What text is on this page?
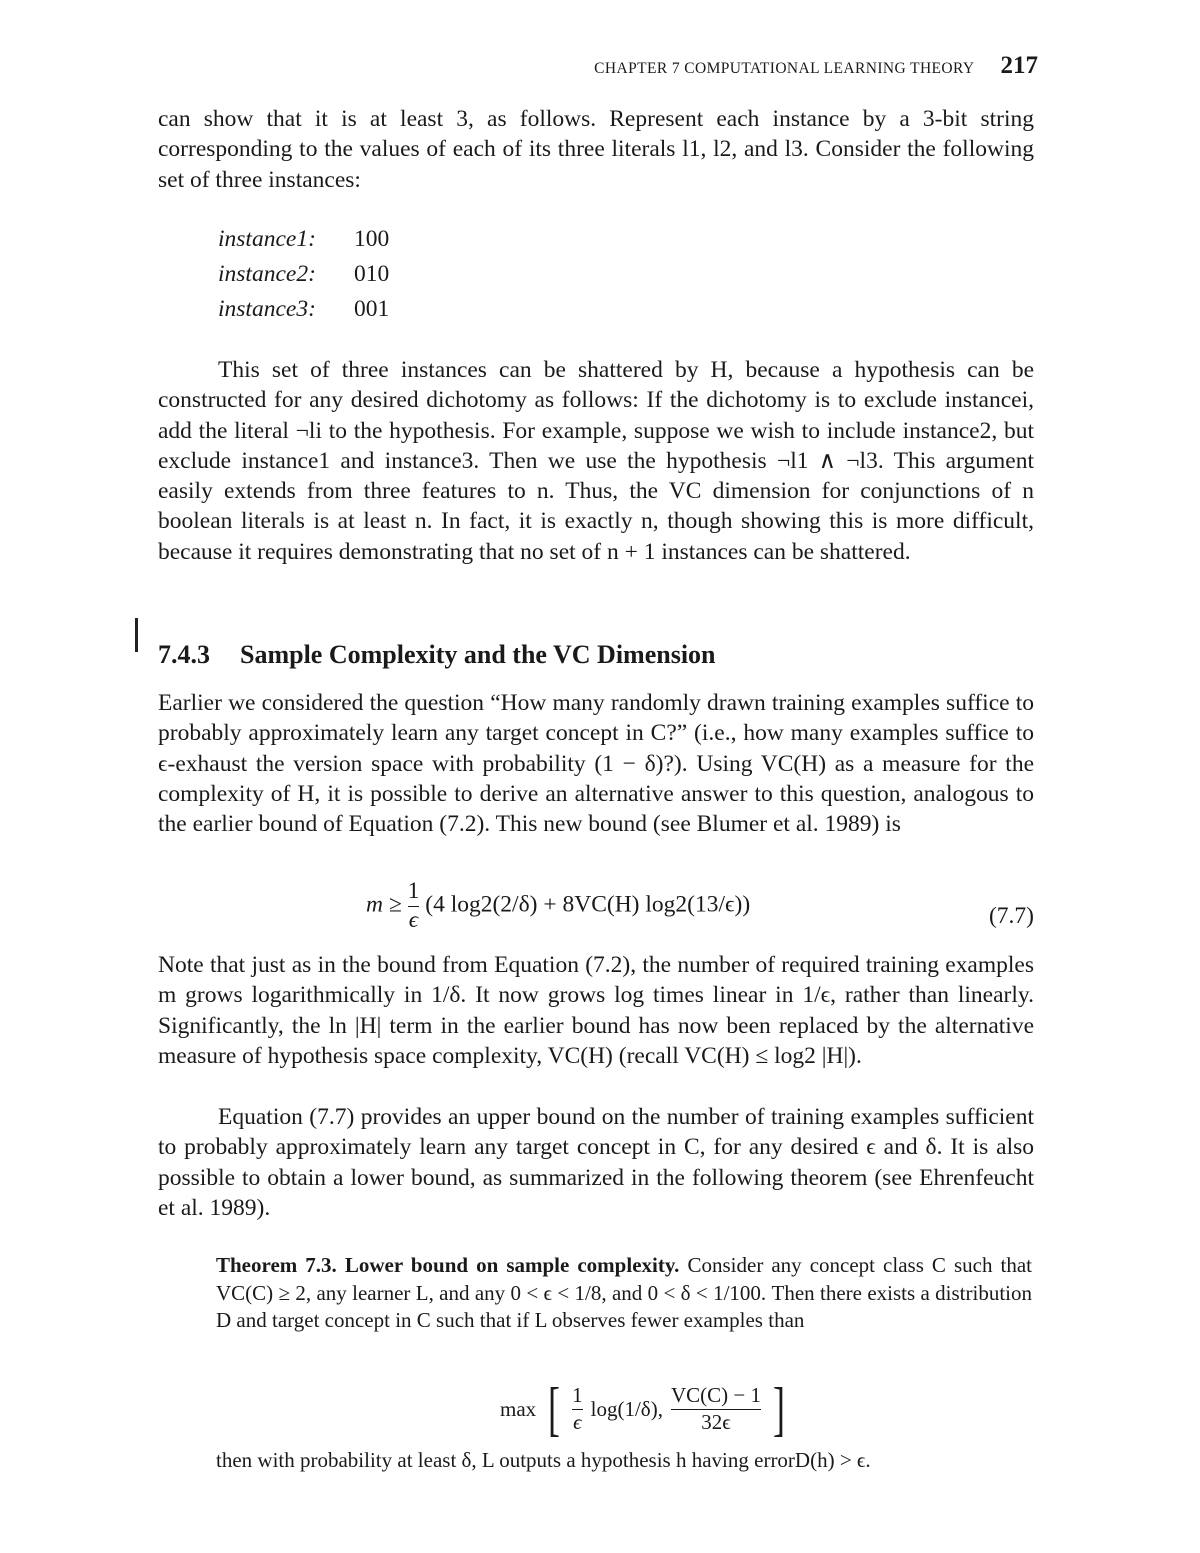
CHAPTER 7 COMPUTATIONAL LEARNING THEORY 217

can show that it is at least 3, as follows. Represent each instance by a 3-bit string corresponding to the values of each of its three literals l1, l2, and l3. Consider the following set of three instances:

instance1:	100
instance2:	010
instance3:	001

This set of three instances can be shattered by H, because a hypothesis can be constructed for any desired dichotomy as follows: If the dichotomy is to exclude instancei, add the literal ¬li to the hypothesis. For example, suppose we wish to include instance2, but exclude instance1 and instance3. Then we use the hypothesis ¬l1 ∧ ¬l3. This argument easily extends from three features to n. Thus, the VC dimension for conjunctions of n boolean literals is at least n. In fact, it is exactly n, though showing this is more difficult, because it requires demonstrating that no set of n + 1 instances can be shattered.

7.4.3 Sample Complexity and the VC Dimension

Earlier we considered the question “How many randomly drawn training examples suffice to probably approximately learn any target concept in C?” (i.e., how many examples suffice to ϵ-exhaust the version space with probability (1 − δ)?). Using VC(H) as a measure for the complexity of H, it is possible to derive an alternative answer to this question, analogous to the earlier bound of Equation (7.2). This new bound (see Blumer et al. 1989) is

$m \ge \frac{1}{\epsilon} (4$ log2(2/δ) + 8VC(H) log2(13/ϵ))	(7.7)

Note that just as in the bound from Equation (7.2), the number of required training examples m grows logarithmically in 1/δ. It now grows log times linear in 1/ϵ, rather than linearly. Significantly, the ln |H| term in the earlier bound has now been replaced by the alternative measure of hypothesis space complexity, VC(H) (recall VC(H) ≤ log2 |H|).

Equation (7.7) provides an upper bound on the number of training examples sufficient to probably approximately learn any target concept in C, for any desired ϵ and δ. It is also possible to obtain a lower bound, as summarized in the following theorem (see Ehrenfeucht et al. 1989).

Theorem 7.3. Lower bound on sample complexity. Consider any concept class C such that VC(C) ≥ 2, any learner L, and any 0 < ϵ < 1/8, and 0 < δ < 1/100. Then there exists a distribution D and target concept in C such that if L observes fewer examples than

max [ $\frac{1}{\epsilon} \log(1/\delta)$, $\frac{VC(C) - 1}{32\epsilon}$ ]
then with probability at least δ, L outputs a hypothesis h having errorD(h) > ϵ.
